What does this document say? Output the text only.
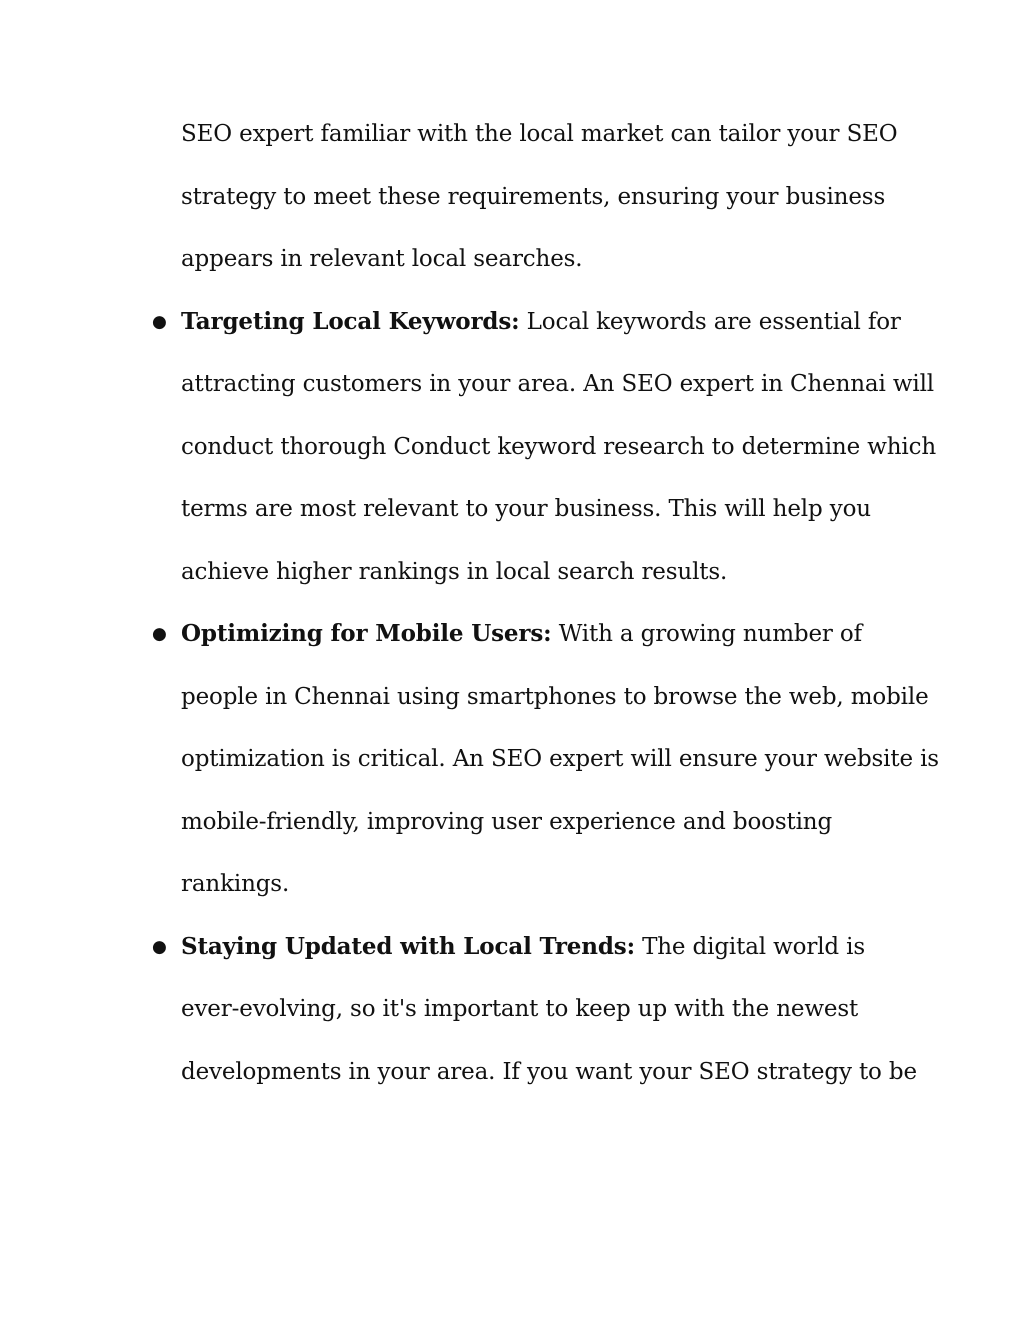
SEO expert familiar with the local market can tailor your SEO
strategy to meet these requirements, ensuring your business
appears in relevant local searches.
● Targeting Local Keywords: Local keywords are essential for
attracting customers in your area. An SEO expert in Chennai will
conduct thorough Conduct keyword research to determine which
terms are most relevant to your business. This will help you
achieve higher rankings in local search results.
● Optimizing for Mobile Users: With a growing number of
people in Chennai using smartphones to browse the web, mobile
optimization is critical. An SEO expert will ensure your website is
mobile-friendly, improving user experience and boosting
rankings.
● Staying Updated with Local Trends: The digital world is
ever-evolving, so it's important to keep up with the newest
developments in your area. If you want your SEO strategy to be
